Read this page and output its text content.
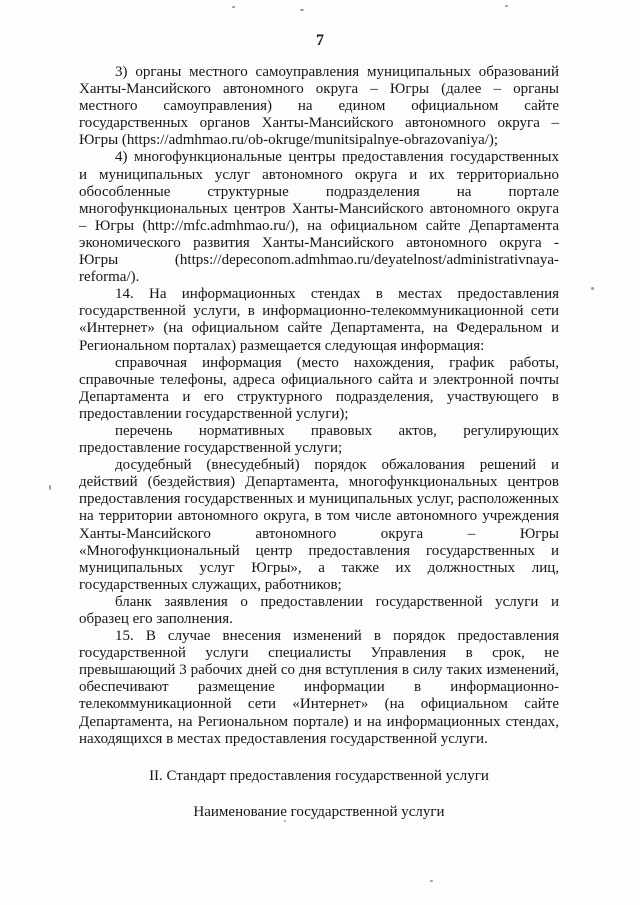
7

3) органы местного самоуправления муниципальных образований Ханты-Мансийского автономного округа – Югры (далее – органы местного самоуправления) на едином официальном сайте государственных органов Ханты-Мансийского автономного округа – Югры (https://admhmao.ru/ob-okruge/munitsipalnye-obrazovaniya/);

4) многофункциональные центры предоставления государственных и муниципальных услуг автономного округа и их территориально обособленные структурные подразделения на портале многофункциональных центров Ханты-Мансийского автономного округа – Югры (http://mfc.admhmao.ru/), на официальном сайте Департамента экономического развития Ханты-Мансийского автономного округа - Югры (https://depeconom.admhmao.ru/deyatelnost/administrativnaya-reforma/).

14. На информационных стендах в местах предоставления государственной услуги, в информационно-телекоммуникационной сети «Интернет» (на официальном сайте Департамента, на Федеральном и Региональном порталах) размещается следующая информация:

справочная информация (место нахождения, график работы, справочные телефоны, адреса официального сайта и электронной почты Департамента и его структурного подразделения, участвующего в предоставлении государственной услуги);

перечень нормативных правовых актов, регулирующих предоставление государственной услуги;

досудебный (внесудебный) порядок обжалования решений и действий (бездействия) Департамента, многофункциональных центров предоставления государственных и муниципальных услуг, расположенных на территории автономного округа, в том числе автономного учреждения Ханты-Мансийского автономного округа – Югры «Многофункциональный центр предоставления государственных и муниципальных услуг Югры», а также их должностных лиц, государственных служащих, работников;

бланк заявления о предоставлении государственной услуги и образец его заполнения.

15. В случае внесения изменений в порядок предоставления государственной услуги специалисты Управления в срок, не превышающий 3 рабочих дней со дня вступления в силу таких изменений, обеспечивают размещение информации в информационно-телекоммуникационной сети «Интернет» (на официальном сайте Департамента, на Региональном портале) и на информационных стендах, находящихся в местах предоставления государственной услуги.

II. Стандарт предоставления государственной услуги

Наименование государственной услуги
